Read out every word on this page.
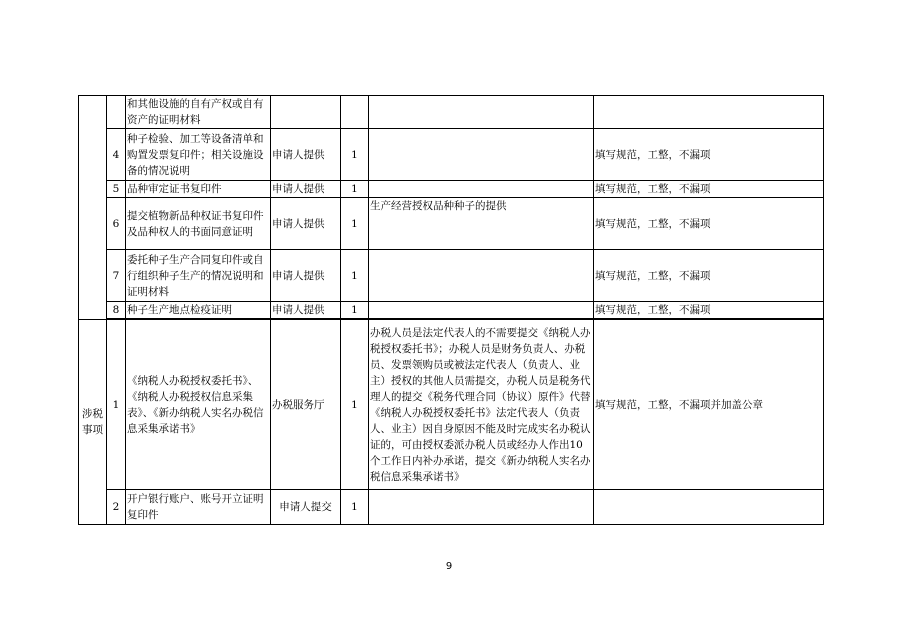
		和其他设施的自有产权或自有资产的证明材料				
	4	种子检验、加工等设备清单和购置发票复印件；相关设施设备的情况说明	申请人提供	1		填写规范，工整，不漏项
	5	品种审定证书复印件	申请人提供	1		填写规范，工整，不漏项
	6	提交植物新品种权证书复印件及品种权人的书面同意证明	申请人提供	1	生产经营授权品种种子的提供	填写规范，工整，不漏项
	7	委托种子生产合同复印件或自行组织种子生产的情况说明和证明材料	申请人提供	1		填写规范，工整，不漏项
	8	种子生产地点检疫证明	申请人提供	1		填写规范，工整，不漏项

涉税事项	1	《纳税人办税授权委托书》、《纳税人办税授权信息采集表》、《新办纳税人实名办税信息采集承诺书》	办税服务厅	1	办税人员是法定代表人的不需要提交《纳税人办税授权委托书》；办税人员是财务负责人、办税员、发票领购员或被法定代表人（负责人、业主）授权的其他人员需提交，办税人员是税务代理人的提交《税务代理合同（协议）原件》代替《纳税人办税授权委托书》法定代表人（负责人、业主）因自身原因不能及时完成实名办税认证的，可由授权委派办税人员或经办人作出10个工作日内补办承诺，提交《新办纳税人实名办税信息采集承诺书》	填写规范，工整，不漏项并加盖公章
	2	开户银行账户、账号开立证明复印件	申请人提交	1		
9
